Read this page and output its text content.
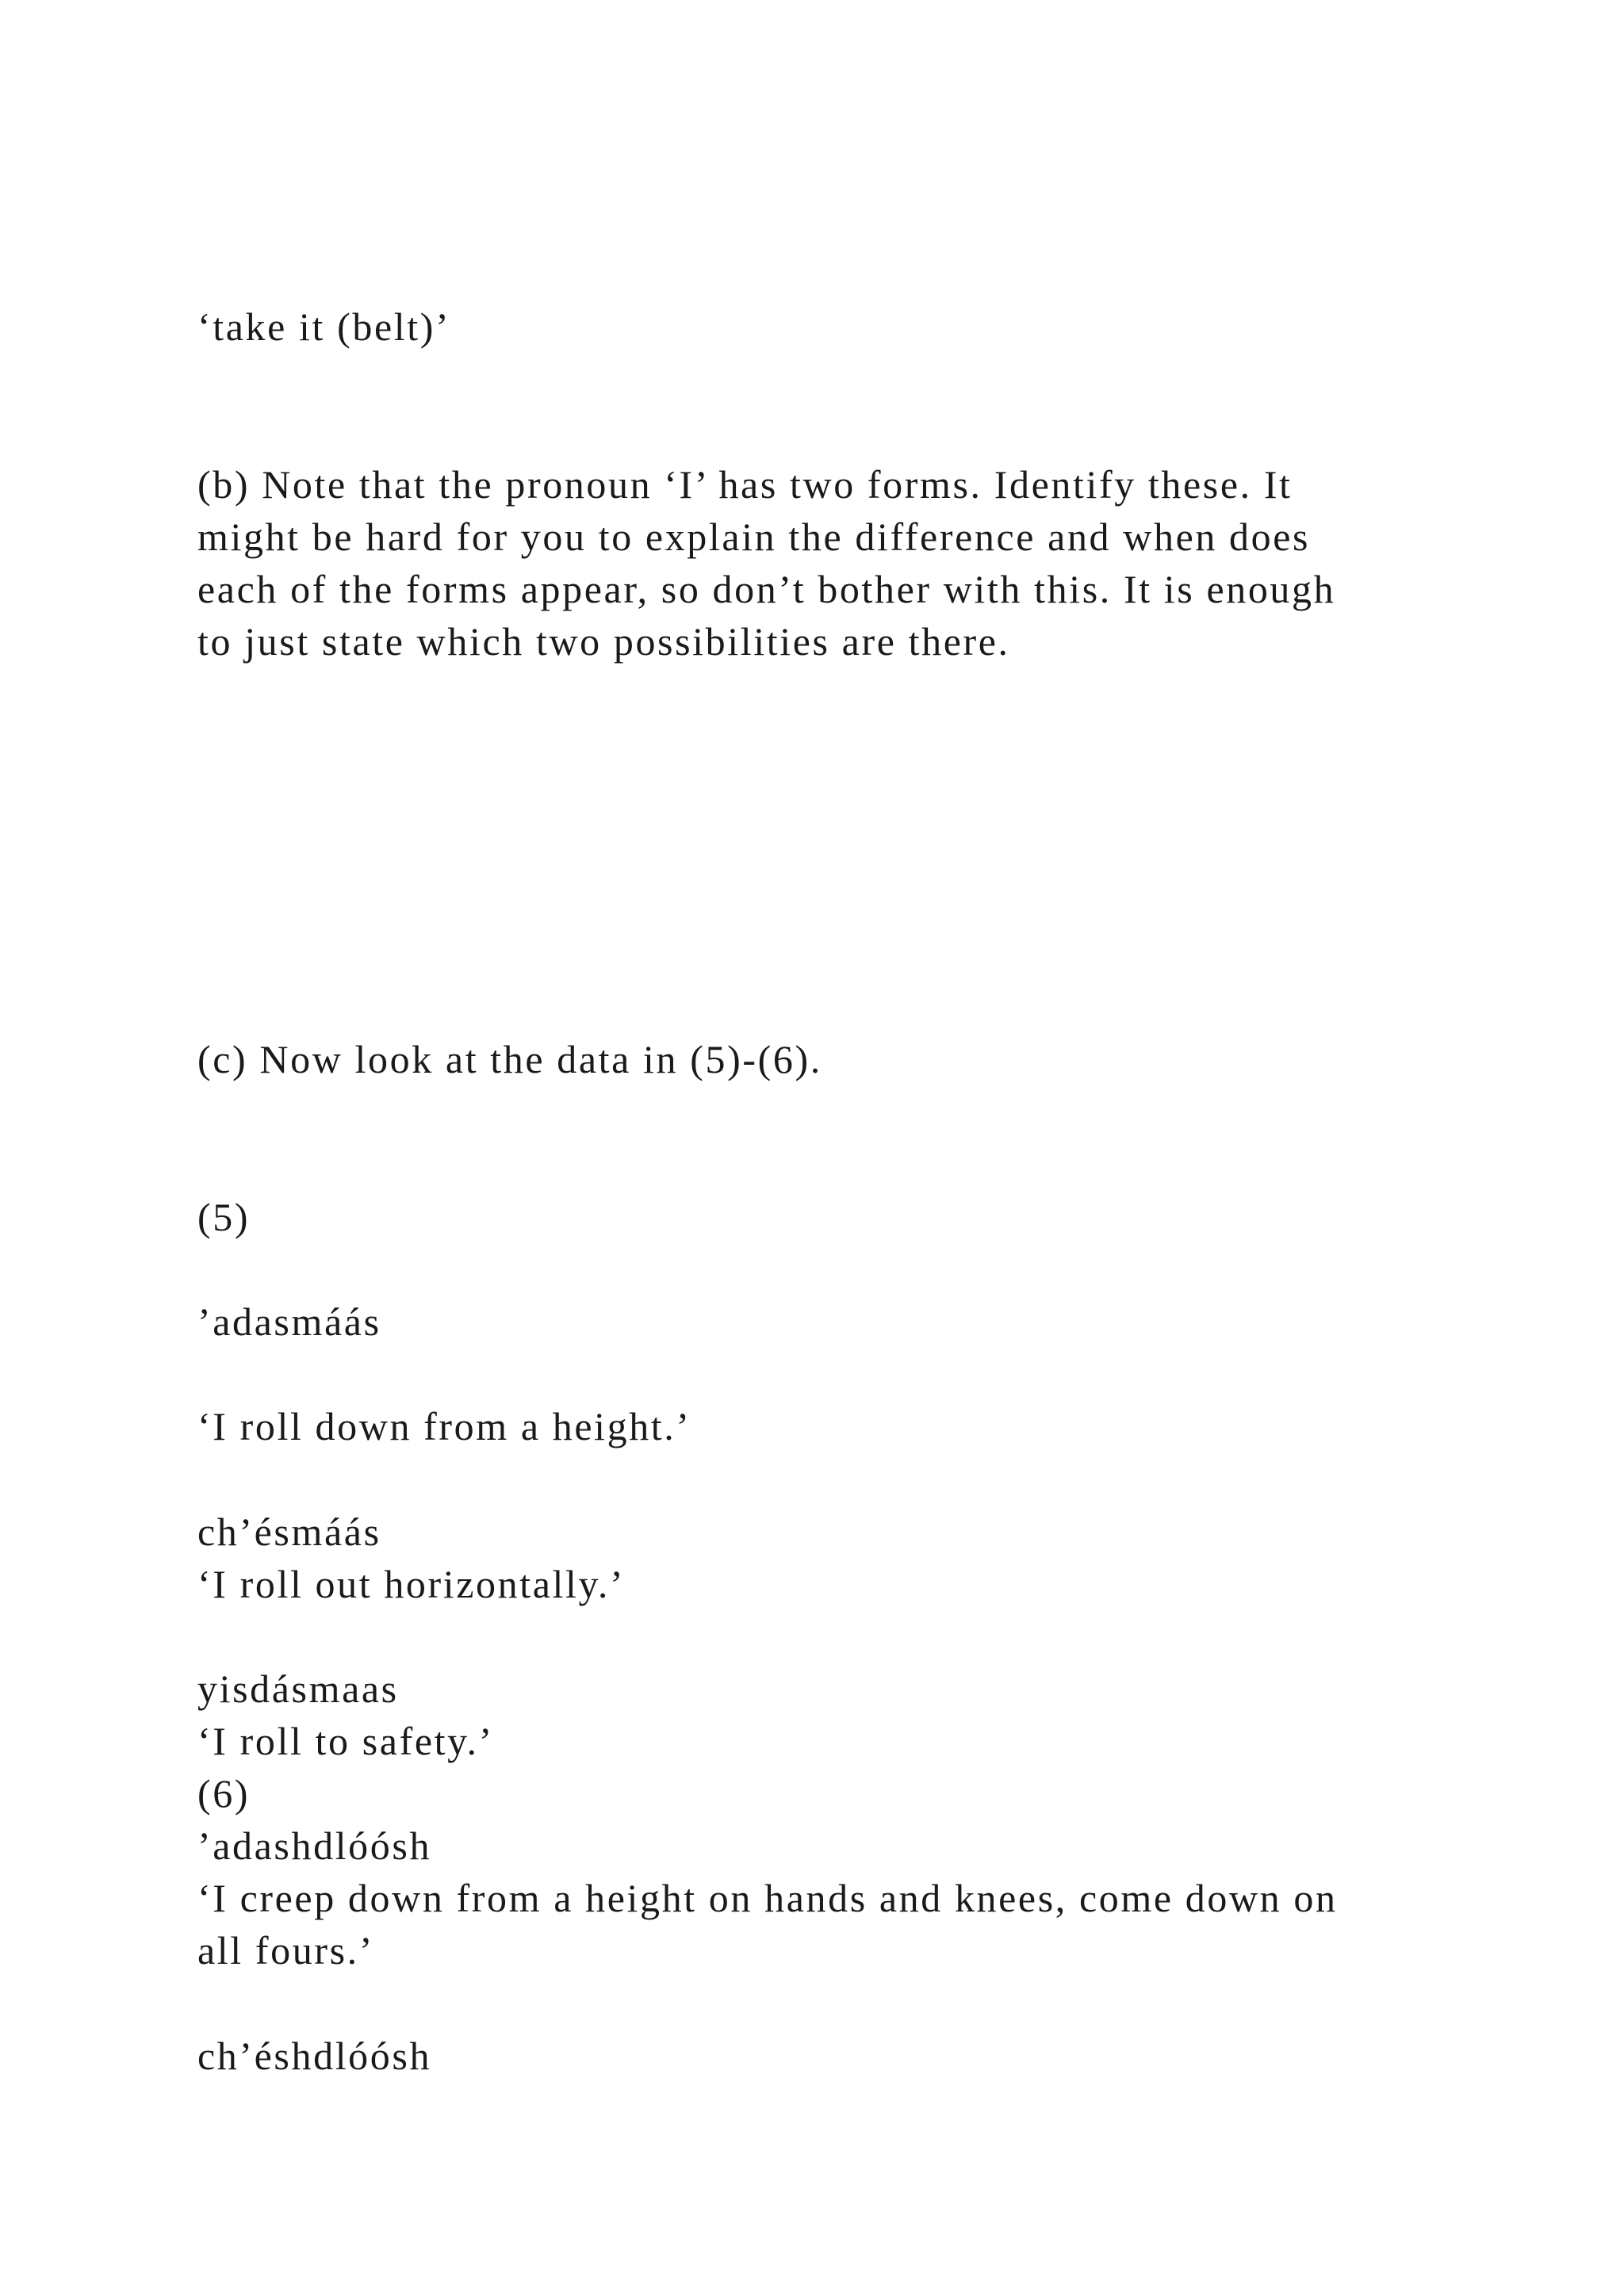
‘take it (belt)’

(b) Note that the pronoun ‘I’ has two forms. Identify these. It

might be hard for you to explain the difference and when does

each of the forms appear, so don’t bother with this. It is enough

to just state which two possibilities are there.

(c) Now look at the data in (5)-(6).

(5)

’adasmáás

‘I roll down from a height.’

ch’ésmáás

‘I roll out horizontally.’

yisdásmaas

‘I roll to safety.’

(6)

’adashdlóósh

‘I creep down from a height on hands and knees, come down on

all fours.’

ch’éshdlóósh
